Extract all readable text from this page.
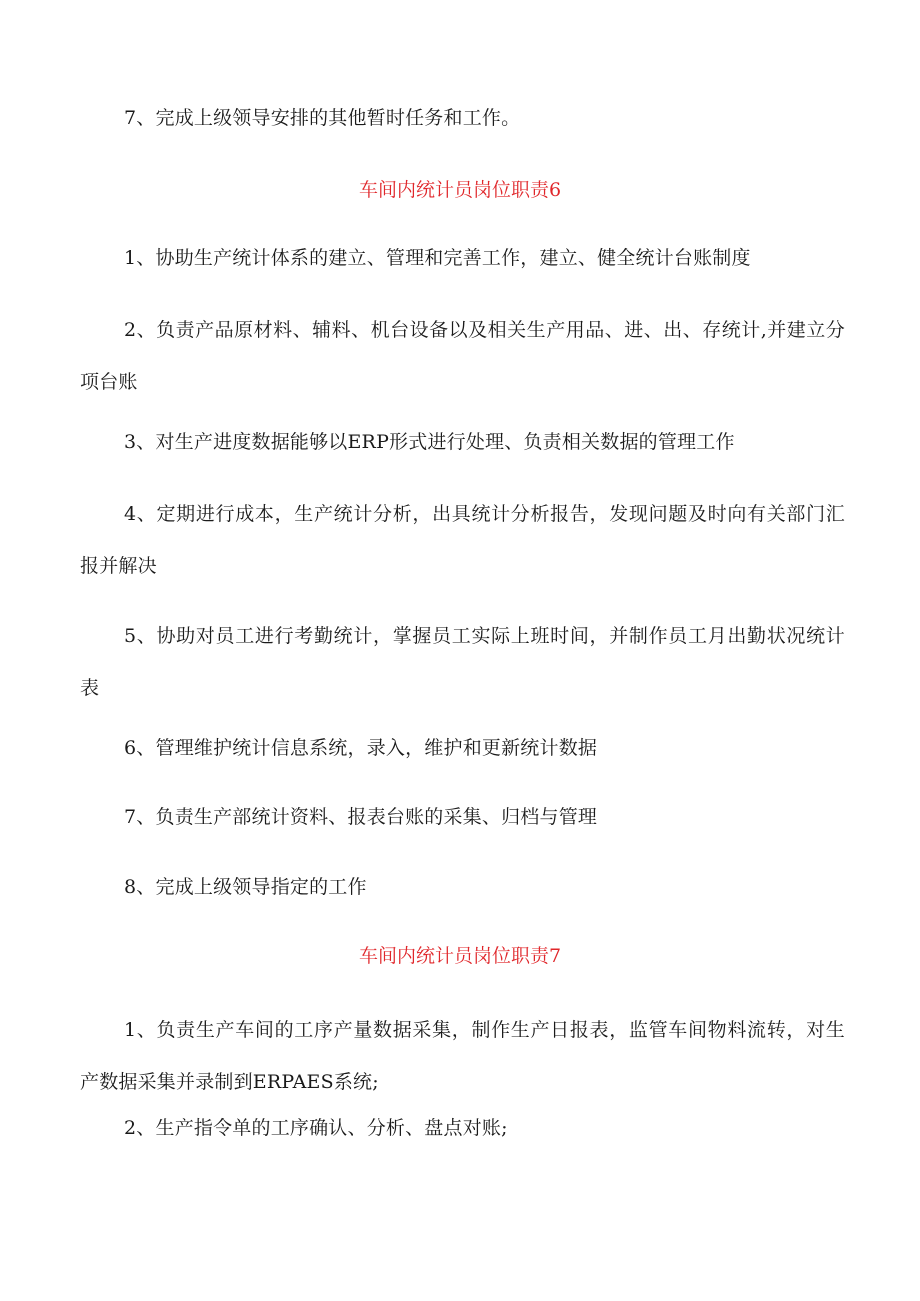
7、完成上级领导安排的其他暂时任务和工作。
车间内统计员岗位职责6
1、协助生产统计体系的建立、管理和完善工作，建立、健全统计台账制度
2、负责产品原材料、辅料、机台设备以及相关生产用品、进、出、存统计,并建立分项台账
3、对生产进度数据能够以ERP形式进行处理、负责相关数据的管理工作
4、定期进行成本，生产统计分析，出具统计分析报告，发现问题及时向有关部门汇报并解决
5、协助对员工进行考勤统计，掌握员工实际上班时间，并制作员工月出勤状况统计表
6、管理维护统计信息系统，录入，维护和更新统计数据
7、负责生产部统计资料、报表台账的采集、归档与管理
8、完成上级领导指定的工作
车间内统计员岗位职责7
1、负责生产车间的工序产量数据采集，制作生产日报表，监管车间物料流转，对生产数据采集并录制到ERPAES系统;
2、生产指令单的工序确认、分析、盘点对账;
